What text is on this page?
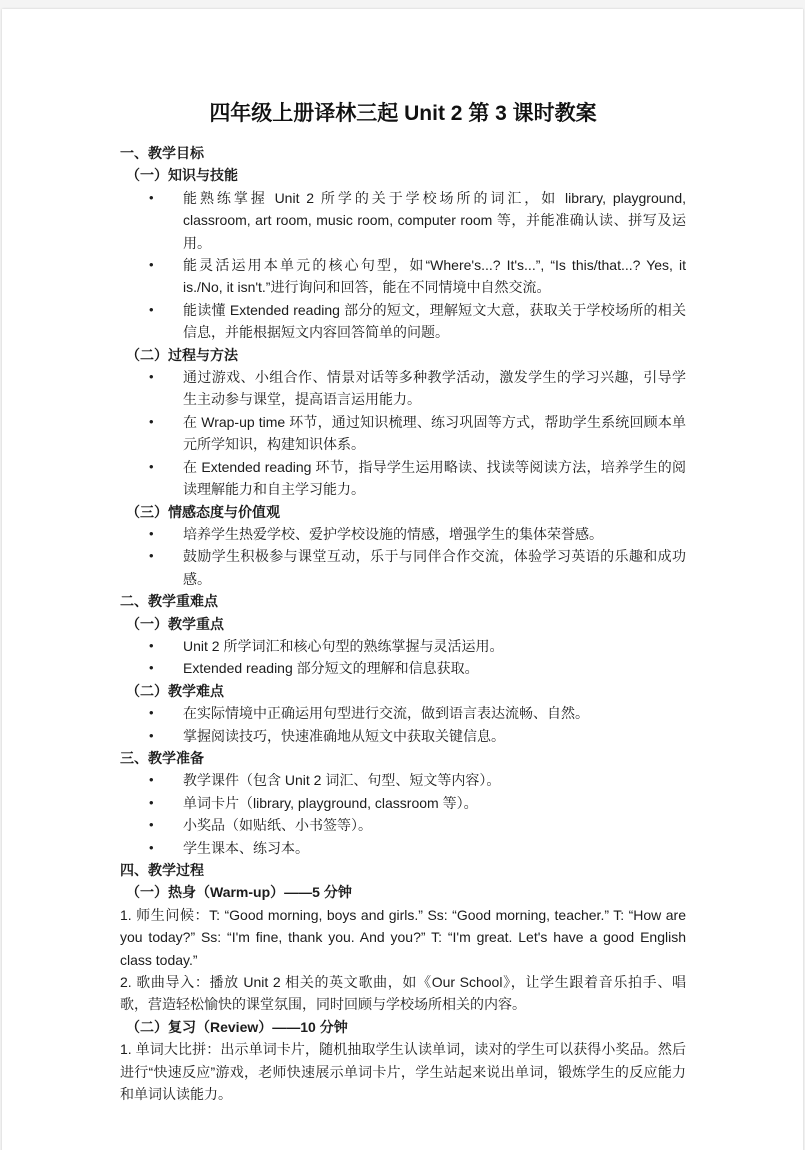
四年级上册译林三起 Unit 2 第 3 课时教案
一、教学目标
（一）知识与技能
•	能熟练掌握 Unit 2 所学的关于学校场所的词汇，如 library, playground, classroom, art room, music room, computer room 等，并能准确认读、拼写及运用。
•	能灵活运用本单元的核心句型，如“Where's...? It's...”, “Is this/that...? Yes, it is./No, it isn't.”进行询问和回答，能在不同情境中自然交流。
•	能读懂 Extended reading 部分的短文，理解短文大意，获取关于学校场所的相关信息，并能根据短文内容回答简单的问题。
（二）过程与方法
•	通过游戏、小组合作、情景对话等多种教学活动，激发学生的学习兴趣，引导学生主动参与课堂，提高语言运用能力。
•	在 Wrap-up time 环节，通过知识梳理、练习巩固等方式，帮助学生系统回顾本单元所学知识，构建知识体系。
•	在 Extended reading 环节，指导学生运用略读、找读等阅读方法，培养学生的阅读理解能力和自主学习能力。
（三）情感态度与价值观
•	培养学生热爱学校、爱护学校设施的情感，增强学生的集体荣誉感。
•	鼓励学生积极参与课堂互动，乐于与同伴合作交流，体验学习英语的乐趣和成功感。
二、教学重难点
（一）教学重点
•	Unit 2 所学词汇和核心句型的熟练掌握与灵活运用。
•	Extended reading 部分短文的理解和信息获取。
（二）教学难点
•	在实际情境中正确运用句型进行交流，做到语言表达流畅、自然。
•	掌握阅读技巧，快速准确地从短文中获取关键信息。
三、教学准备
•	教学课件（包含 Unit 2 词汇、句型、短文等内容）。
•	单词卡片（library, playground, classroom 等）。
•	小奖品（如贴纸、小书签等）。
•	学生课本、练习本。
四、教学过程
（一）热身（Warm-up）——5 分钟
1. 师生问候：T: “Good morning, boys and girls.” Ss: “Good morning, teacher.” T: “How are you today?” Ss: “I'm fine, thank you. And you?” T: “I'm great. Let's have a good English class today.”
2. 歌曲导入：播放 Unit 2 相关的英文歌曲，如《Our School》，让学生跟着音乐拍手、唱歌，营造轻松愉快的课堂氛围，同时回顾与学校场所相关的内容。
（二）复习（Review）——10 分钟
1. 单词大比拼：出示单词卡片，随机抽取学生认读单词，读对的学生可以获得小奖品。然后进行“快速反应”游戏，老师快速展示单词卡片，学生站起来说出单词，锻炼学生的反应能力和单词认读能力。
